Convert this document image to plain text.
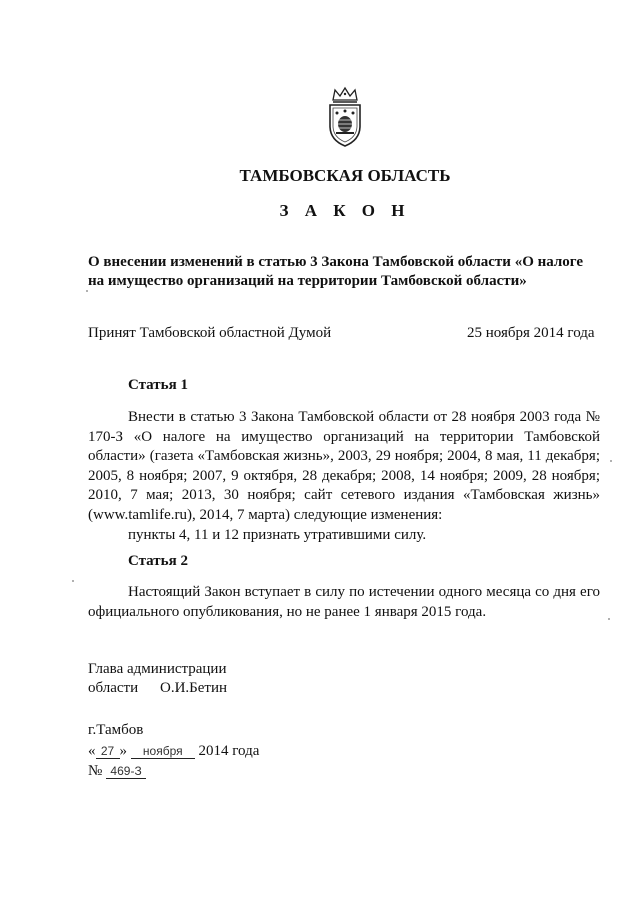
ТАМБОВСКАЯ ОБЛАСТЬ
З А К О Н
О внесении изменений в статью 3 Закона Тамбовской области «О налоге на имущество организаций на территории Тамбовской области»
Принят Тамбовской областной Думой	25 ноября 2014 года
Статья 1
Внести в статью 3 Закона Тамбовской области от 28 ноября 2003 года № 170-З «О налоге на имущество организаций на территории Тамбовской области» (газета «Тамбовская жизнь», 2003, 29 ноября; 2004, 8 мая, 11 декабря; 2005, 8 ноября; 2007, 9 октября, 28 декабря; 2008, 14 ноября; 2009, 28 ноября; 2010, 7 мая; 2013, 30 ноября; сайт сетевого издания «Тамбовская жизнь» (www.tamlife.ru), 2014, 7 марта) следующие изменения:
пункты 4, 11 и 12 признать утратившими силу.
Статья 2
Настоящий Закон вступает в силу по истечении одного месяца со дня его официального опубликования, но не ранее 1 января 2015 года.
Глава администрации
области О.И.Бетин
г.Тамбов
« 27 » ноября 2014 года
№ 469-З
